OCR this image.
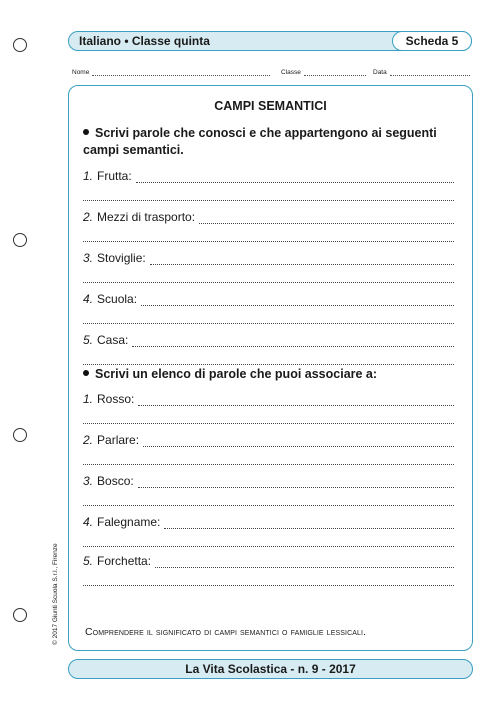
Italiano • Classe quinta	Scheda 5
Nome	Classe	Data
CAMPI SEMANTICI
Scrivi parole che conosci e che appartengono ai seguenti campi semantici.
1. Frutta:
2. Mezzi di trasporto:
3. Stoviglie:
4. Scuola:
5. Casa:
Scrivi un elenco di parole che puoi associare a:
1. Rosso:
2. Parlare:
3. Bosco:
4. Falegname:
5. Forchetta:
Comprendere il significato di campi semantici o famiglie lessicali.
La Vita Scolastica - n. 9 - 2017
© 2017 Giunti Scuola S.r.l., Firenze
